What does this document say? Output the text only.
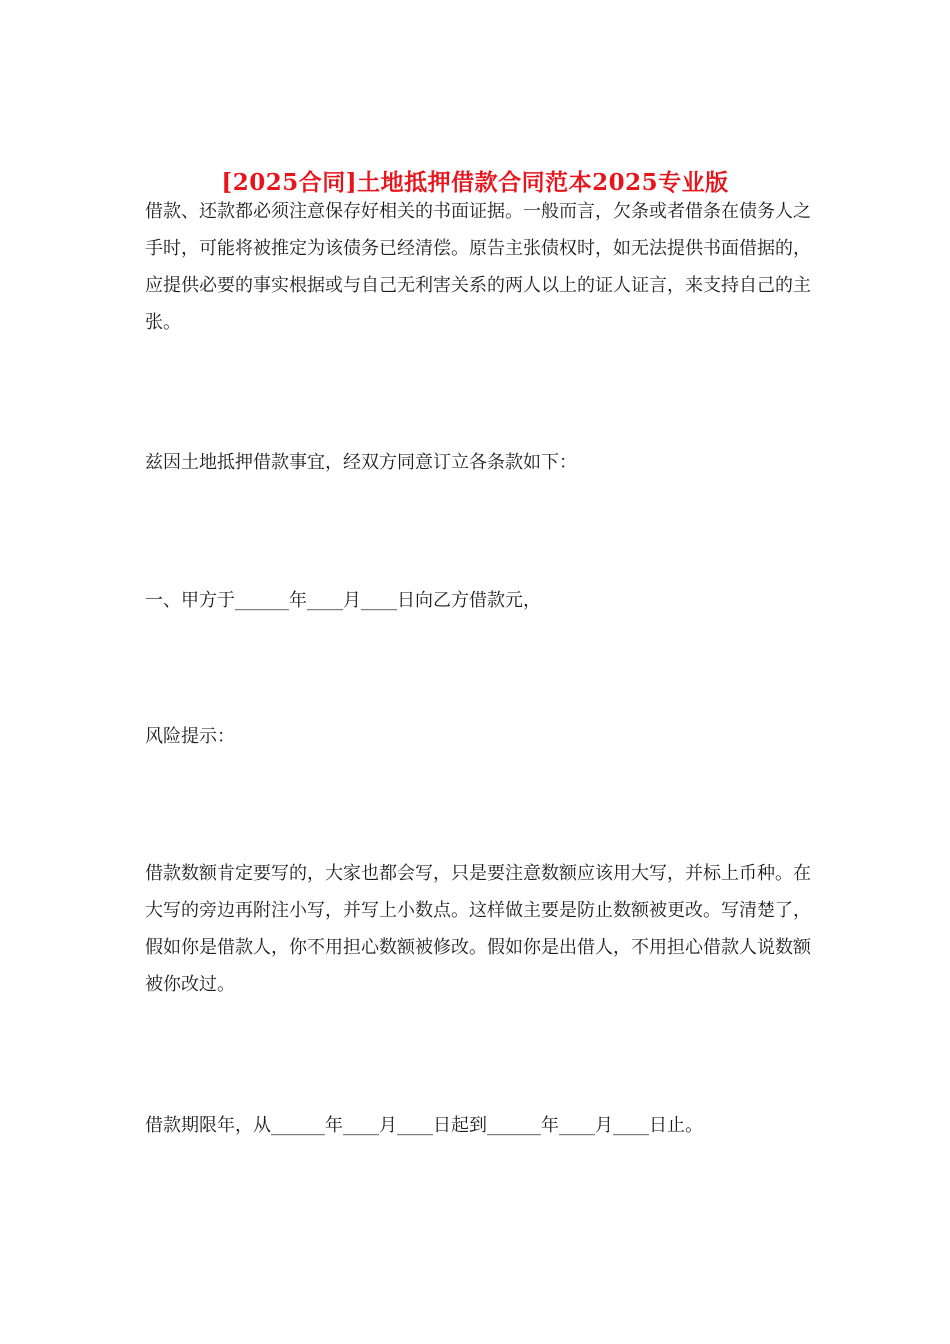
[2025合同]土地抵押借款合同范本2025专业版

借款、还款都必须注意保存好相关的书面证据。一般而言，欠条或者借条在债务人之手时，可能将被推定为该债务已经清偿。原告主张债权时，如无法提供书面借据的，应提供必要的事实根据或与自己无利害关系的两人以上的证人证言，来支持自己的主张。

兹因土地抵押借款事宜，经双方同意订立各条款如下：

一、甲方于______年____月____日向乙方借款元，

风险提示：

借款数额肯定要写的，大家也都会写，只是要注意数额应该用大写，并标上币种。在大写的旁边再附注小写，并写上小数点。这样做主要是防止数额被更改。写清楚了，假如你是借款人，你不用担心数额被修改。假如你是出借人，不用担心借款人说数额被你改过。

借款期限年，从______年____月____日起到______年____月____日止。
